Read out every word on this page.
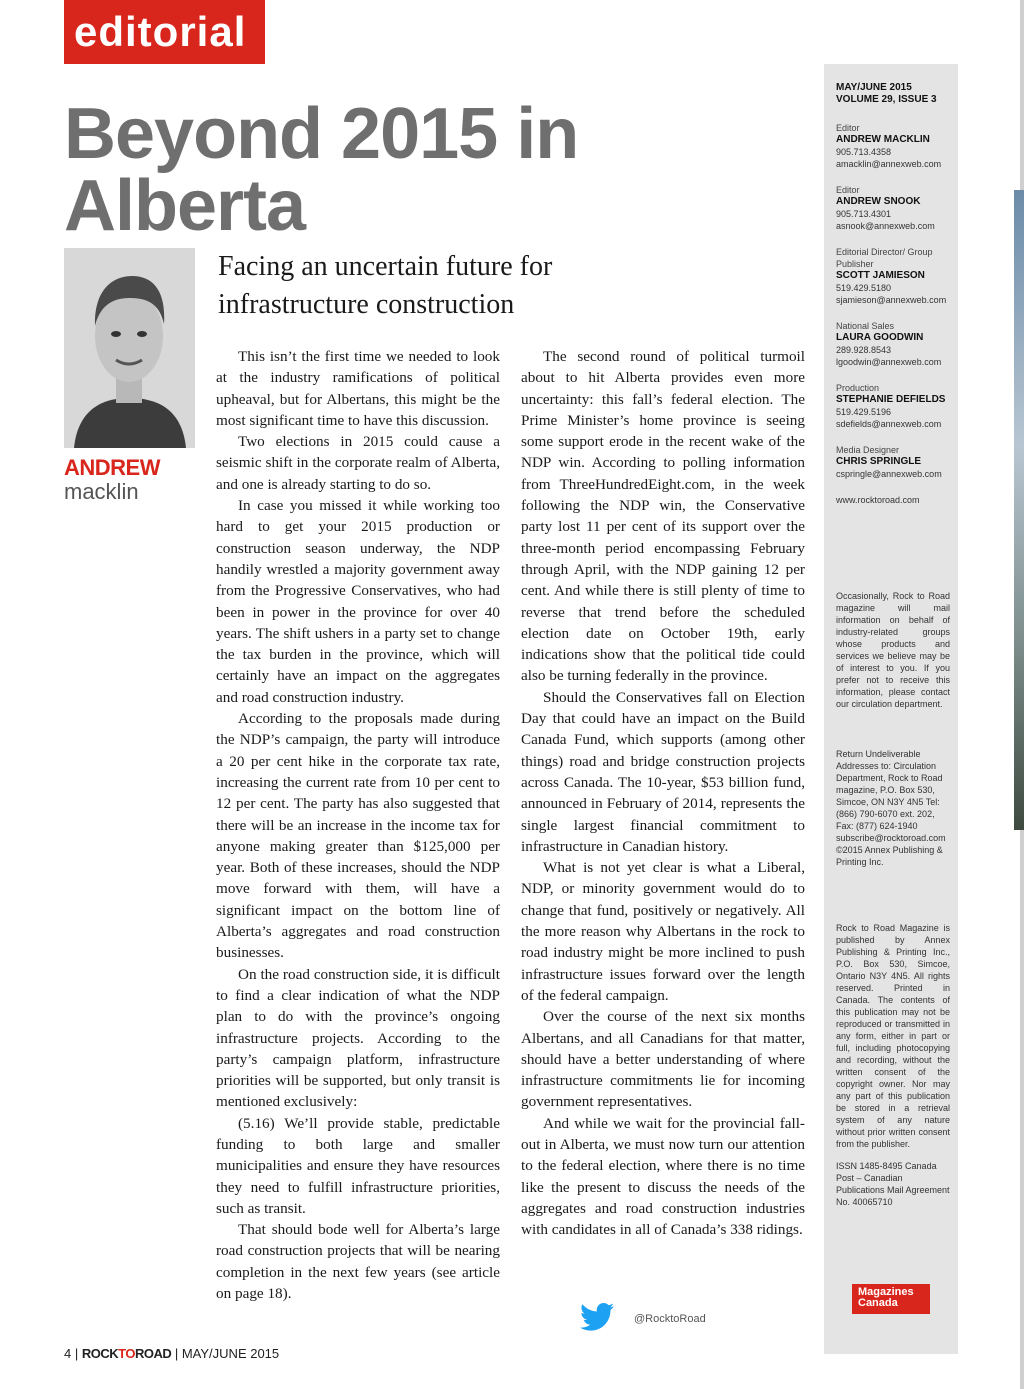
editorial
Beyond 2015 in Alberta
ANDREW
macklin
Facing an uncertain future for infrastructure construction

This isn’t the first time we needed to look at the industry ramifications of political upheaval, but for Albertans, this might be the most significant time to have this discussion.

Two elections in 2015 could cause a seismic shift in the corporate realm of Alberta, and one is already starting to do so.

In case you missed it while working too hard to get your 2015 production or construction season underway, the NDP handily wrestled a majority government away from the Progressive Conservatives, who had been in power in the province for over 40 years. The shift ushers in a party set to change the tax burden in the province, which will certainly have an impact on the aggregates and road construction industry.

According to the proposals made during the NDP’s campaign, the party will introduce a 20 per cent hike in the corporate tax rate, increasing the current rate from 10 per cent to 12 per cent. The party has also suggested that there will be an increase in the income tax for anyone making greater than $125,000 per year. Both of these increases, should the NDP move forward with them, will have a significant impact on the bottom line of Alberta’s aggregates and road construction businesses.

On the road construction side, it is difficult to find a clear indication of what the NDP plan to do with the province’s ongoing infrastructure projects. According to the party’s campaign platform, infrastructure priorities will be supported, but only transit is mentioned exclusively:

(5.16) We’ll provide stable, predictable funding to both large and smaller municipalities and ensure they have resources they need to fulfill infrastructure priorities, such as transit.

That should bode well for Alberta’s large road construction projects that will be nearing completion in the next few years (see article on page 18).

The second round of political turmoil about to hit Alberta provides even more uncertainty: this fall’s federal election. The Prime Minister’s home province is seeing some support erode in the recent wake of the NDP win. According to polling information from ThreeHundredEight.com, in the week following the NDP win, the Conservative party lost 11 per cent of its support over the three-month period encompassing February through April, with the NDP gaining 12 per cent. And while there is still plenty of time to reverse that trend before the scheduled election date on October 19th, early indications show that the political tide could also be turning federally in the province.

Should the Conservatives fall on Election Day that could have an impact on the Build Canada Fund, which supports (among other things) road and bridge construction projects across Canada. The 10-year, $53 billion fund, announced in February of 2014, represents the single largest financial commitment to infrastructure in Canadian history.

What is not yet clear is what a Liberal, NDP, or minority government would do to change that fund, positively or negatively. All the more reason why Albertans in the rock to road industry might be more inclined to push infrastructure issues forward over the length of the federal campaign.

Over the course of the next six months Albertans, and all Canadians for that matter, should have a better understanding of where infrastructure commitments lie for incoming government representatives.

And while we wait for the provincial fall-out in Alberta, we must now turn our attention to the federal election, where there is no time like the present to discuss the needs of the aggregates and road construction industries with candidates in all of Canada’s 338 ridings.

@RocktoRoad
4 | ROCKTOROAD | MAY/JUNE 2015
MAY/JUNE 2015
VOLUME 29, ISSUE 3
Editor
ANDREW MACKLIN
905.713.4358
amacklin@annexweb.com
Editor
ANDREW SNOOK
905.713.4301
asnook@annexweb.com
Editorial Director/ Group Publisher
SCOTT JAMIESON
519.429.5180
sjamieson@annexweb.com
National Sales
LAURA GOODWIN
289.928.8543
lgoodwin@annexweb.com
Production
STEPHANIE DEFIELDS
519.429.5196
sdefields@annexweb.com
Media Designer
CHRIS SPRINGLE
cspringle@annexweb.com
www.rocktoroad.com
Occasionally, Rock to Road magazine will mail information on behalf of industry-related groups whose products and services we believe may be of interest to you. If you prefer not to receive this information, please contact our circulation department.
Return Undeliverable Addresses to: Circulation Department, Rock to Road magazine, P.O. Box 530, Simcoe, ON N3Y 4N5 Tel: (866) 790-6070 ext. 202, Fax: (877) 624-1940 subscribe@rocktoroad.com ©2015 Annex Publishing & Printing Inc.
Rock to Road Magazine is published by Annex Publishing & Printing Inc., P.O. Box 530, Simcoe, Ontario N3Y 4N5. All rights reserved. Printed in Canada. The contents of this publication may not be reproduced or transmitted in any form, either in part or full, including photocopying and recording, without the written consent of the copyright owner. Nor may any part of this publication be stored in a retrieval system of any nature without prior written consent from the publisher.
ISSN 1485-8495 Canada Post – Canadian Publications Mail Agreement No. 40065710
Magazines Canada
